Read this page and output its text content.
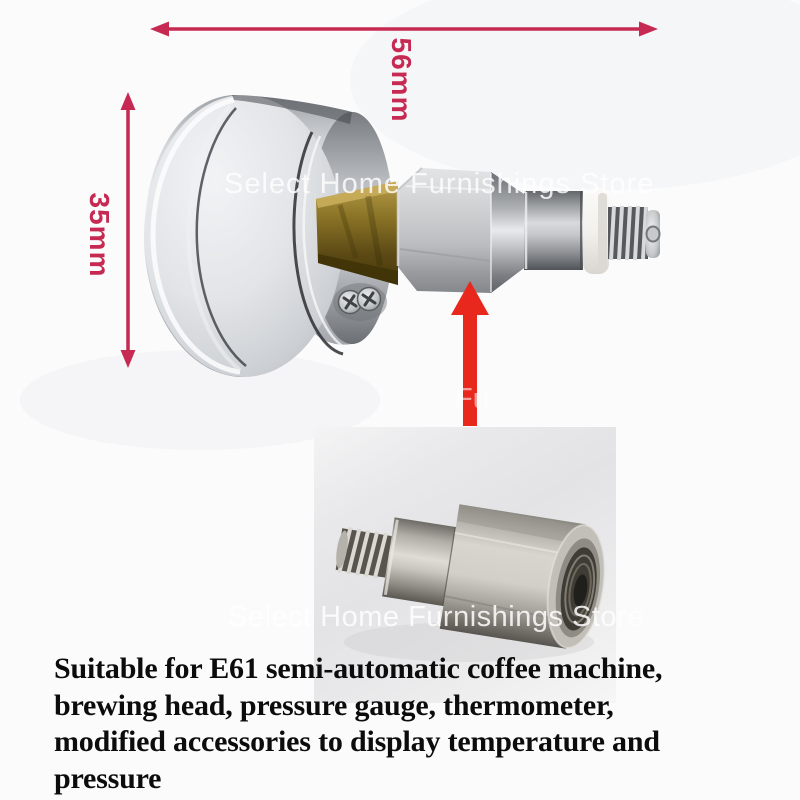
Select Home Furnishings Store
Fu
Select Home Furnishings Store
56mm
35mm
Suitable for E61 semi-automatic coffee machine,
brewing head, pressure gauge, thermometer,
modified accessories to display temperature and
pressure
